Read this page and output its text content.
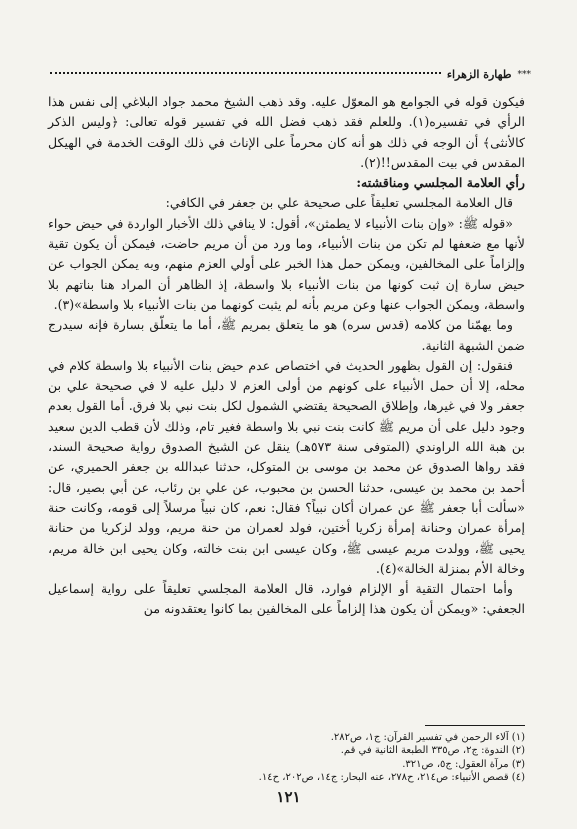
***
طهارة الزهراء

فيكون قوله في الجوامع هو المعوّل عليه. وقد ذهب الشيخ محمد جواد البلاغي إلى نفس هذا الرأي في تفسيره(١). وللعلم فقد ذهب فضل الله في تفسير قوله تعالى: ﴿وليس الذكر كالأنثى﴾ أن الوجه في ذلك هو أنه كان محرماً على الإناث في ذلك الوقت الخدمة في الهيكل المقدس في بيت المقدس!!(٢).

رأي العلامة المجلسي ومناقشته:

قال العلامة المجلسي تعليقاً على صحيحة علي بن جعفر في الكافي:

«قوله ﷺ: «وإن بنات الأنبياء لا يطمثن»، أقول: لا ينافي ذلك الأخبار الواردة في حيض حواء لأنها مع ضعفها لم تكن من بنات الأنبياء، وما ورد من أن مريم حاضت، فيمكن أن يكون تقية وإلزاماً على المخالفين، ويمكن حمل هذا الخبر على أولي العزم منهم، وبه يمكن الجواب عن حيض سارة إن ثبت كونها من بنات الأنبياء بلا واسطة، إذ الظاهر أن المراد هنا بناتهم بلا واسطة، ويمكن الجواب عنها وعن مريم بأنه لم يثبت كونهما من بنات الأنبياء بلا واسطة»(٣).

وما يهمّنا من كلامه (قدس سره) هو ما يتعلق بمريم ﷺ، أما ما يتعلّق بسارة فإنه سيدرج ضمن الشبهة الثانية.

فنقول: إن القول بظهور الحديث في اختصاص عدم حيض بنات الأنبياء بلا واسطة كلام في محله، إلا أن حمل الأنبياء على كونهم من أولى العزم لا دليل عليه لا في صحيحة علي بن جعفر ولا في غيرها، وإطلاق الصحيحة يقتضي الشمول لكل بنت نبي بلا فرق. أما القول بعدم وجود دليل على أن مريم ﷺ كانت بنت نبي بلا واسطة فغير تام، وذلك لأن قطب الدين سعيد بن هبة الله الراوندي (المتوفى سنة ٥٧٣هـ) ينقل عن الشيخ الصدوق رواية صحيحة السند، فقد رواها الصدوق عن محمد بن موسى بن المتوكل، حدثنا عبدالله بن جعفر الحميري، عن أحمد بن محمد بن عيسى، حدثنا الحسن بن محبوب، عن علي بن رئاب، عن أبي بصير، قال: «سألت أبا جعفر ﷺ عن عمران أكان نبياً؟ فقال: نعم، كان نبياً مرسلاً إلى قومه، وكانت حنة إمرأة عمران وحنانة إمرأة زكريا أختين، فولد لعمران من حنة مريم، وولد لزكريا من حنانة يحيى ﷺ، وولدت مريم عيسى ﷺ، وكان عيسى ابن بنت خالته، وكان يحيى ابن خالة مريم، وخالة الأم بمنزلة الخالة»(٤).

وأما احتمال التقية أو الإلزام فوارد، قال العلامة المجلسي تعليقاً على رواية إسماعيل الجعفي: «ويمكن أن يكون هذا إلزاماً على المخالفين بما كانوا يعتقدونه من

(١) آلاء الرحمن في تفسير القرآن: ج١، ص٢٨٢.
(٢) الندوة: ج٢، ص٣٣٥ الطبعة الثانية في قم.
(٣) مرآة العقول: ج٥، ص٣٢١.
(٤) قصص الأنبياء: ص٢١٤، ح٢٧٨، عنه البحار: ج١٤، ص٢٠٢، ح١٤.
١٢١
